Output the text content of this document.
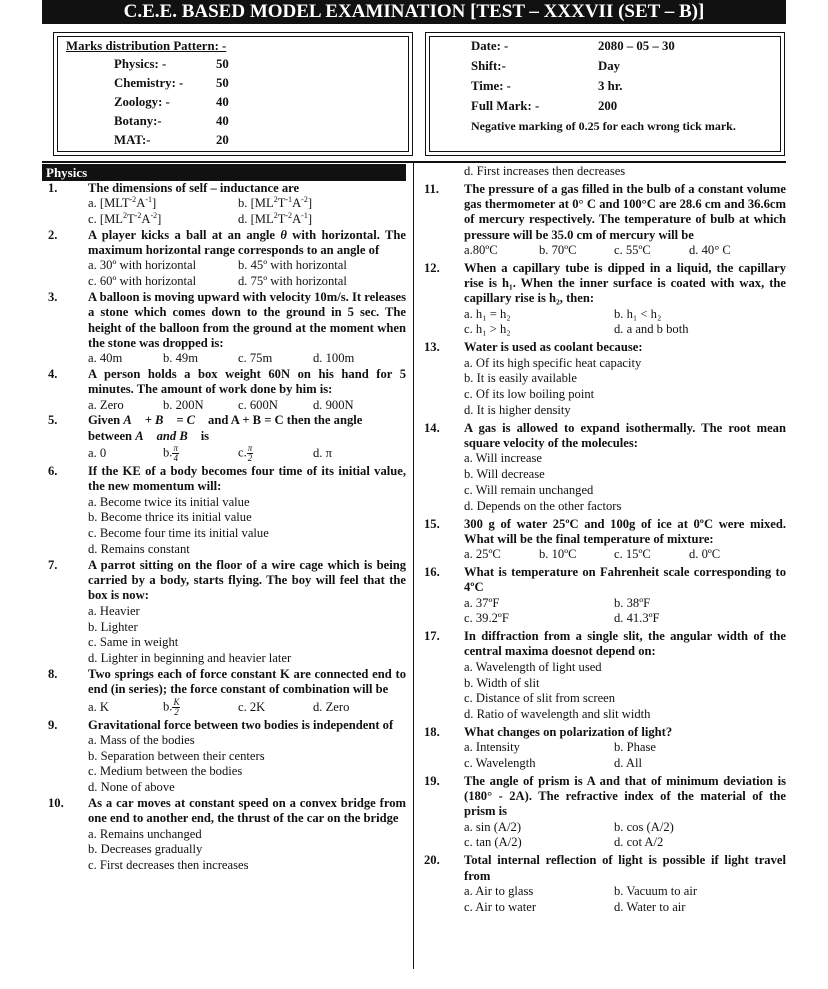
C.E.E. BASED MODEL EXAMINATION [TEST – XXXVII (SET – B)]
Marks distribution Pattern: -
Physics: -	50
Chemistry: -	50
Zoology: -	40
Botany:-	40
MAT:-	20
Date: -	2080 – 05 – 30
Shift:-	Day
Time: -	3 hr.
Full Mark: -	200
Negative marking of 0.25 for each wrong tick mark.
Physics
1. The dimensions of self – inductance are
a. $[MLT^{-2}A^{-1}]$	b. $[ML^2T^{-1}A^{-2}]$
c. $[ML^2T^{-2}A^{-2}]$	d. $[ML^2T^{-2}A^{-1}]$
2. A player kicks a ball at an angle θ with horizontal. The maximum horizontal range corresponds to an angle of
a. 30º with horizontal	b. 45º with horizontal
c. 60º with horizontal	d. 75º with horizontal
3. A balloon is moving upward with velocity 10m/s. It releases a stone which comes down to the ground in 5 sec. The height of the balloon from the ground at the moment when the stone was dropped is:
a. 40m	b. 49m	c. 75m	d. 100m
4. A person holds a box weight 60N on his hand for 5 minutes. The amount of work done by him is:
a. Zero	b. 200N	c. 600N	d. 900N
5. Given A⃗ + B⃗ = C⃗ and A + B = C then the angle between A⃗ and B⃗ is
a. 0	b. $\frac{\pi}{4}$	c. $\frac{\pi}{2}$	d. π
6. If the KE of a body becomes four time of its initial value, the new momentum will:
a. Become twice its initial value
b. Become thrice its initial value
c. Become four time its initial value
d. Remains constant
7. A parrot sitting on the floor of a wire cage which is being carried by a body, starts flying. The boy will feel that the box is now:
a. Heavier
b. Lighter
c. Same in weight
d. Lighter in beginning and heavier later
8. Two springs each of force constant K are connected end to end (in series); the force constant of combination will be
a. K	b. $\frac{K}{2}$	c. 2K	d. Zero
9. Gravitational force between two bodies is independent of
a. Mass of the bodies
b. Separation between their centers
c. Medium between the bodies
d. None of above
10. As a car moves at constant speed on a convex bridge from one end to another end, the thrust of the car on the bridge
a. Remains unchanged
b. Decreases gradually
c. First decreases then increases
d. First increases then decreases
11. The pressure of a gas filled in the bulb of a constant volume gas thermometer at 0° C and 100°C are 28.6 cm and 36.6cm of mercury respectively. The temperature of bulb at which pressure will be 35.0 cm of mercury will be
a.80ºC	b. 70ºC	c. 55ºC	d. 40° C
12. When a capillary tube is dipped in a liquid, the capillary rise is h₁. When the inner surface is coated with wax, the capillary rise is h₂, then:
a. h₁ = h₂	b. h₁ < h₂
c. h₁ > h₂	d. a and b both
13. Water is used as coolant because:
a. Of its high specific heat capacity
b. It is easily available
c. Of its low boiling point
d. It is higher density
14. A gas is allowed to expand isothermally. The root mean square velocity of the molecules:
a. Will increase
b. Will decrease
c. Will remain unchanged
d. Depends on the other factors
15. 300 g of water 25ºC and 100g of ice at 0ºC were mixed. What will be the final temperature of mixture:
a. 25ºC	b. 10ºC	c. 15ºC	d. 0ºC
16. What is temperature on Fahrenheit scale corresponding to 4ºC
a. 37ºF	b. 38ºF
c. 39.2ºF	d. 41.3ºF
17. In diffraction from a single slit, the angular width of the central maxima doesnot depend on:
a. Wavelength of light used
b. Width of slit
c. Distance of slit from screen
d. Ratio of wavelength and slit width
18. What changes on polarization of light?
a. Intensity	b. Phase
c. Wavelength	d. All
19. The angle of prism is A and that of minimum deviation is (180° - 2A). The refractive index of the material of the prism is
a. sin (A/2)	b. cos (A/2)
c. tan (A/2)	d. cot A/2
20. Total internal reflection of light is possible if light travel from
a. Air to glass	b. Vacuum to air
c. Air to water	d. Water to air
